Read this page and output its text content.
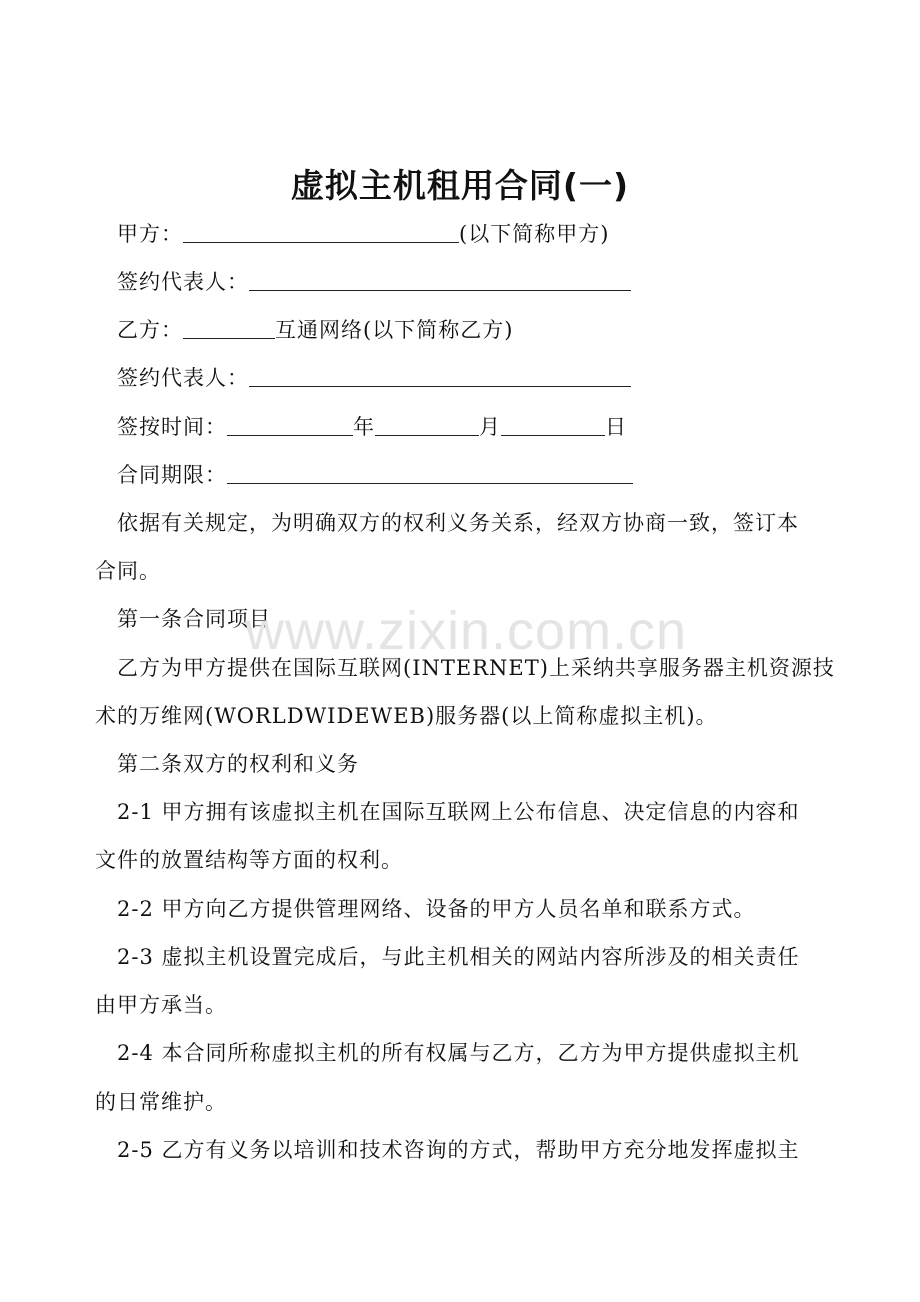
虚拟主机租用合同(一)
甲方：	(以下简称甲方)
签约代表人：
乙方：	互通网络(以下简称乙方)
签约代表人：
签按时间：	年	月	日
合同期限：
依据有关规定，为明确双方的权利义务关系，经双方协商一致，签订本
合同。
第一条合同项目
乙方为甲方提供在国际互联网(INTERNET)上采纳共享服务器主机资源技
术的万维网(WORLDWIDEWEB)服务器(以上简称虚拟主机)。
第二条双方的权利和义务
2-1 甲方拥有该虚拟主机在国际互联网上公布信息、决定信息的内容和
文件的放置结构等方面的权利。
2-2 甲方向乙方提供管理网络、设备的甲方人员名单和联系方式。
2-3 虚拟主机设置完成后，与此主机相关的网站内容所涉及的相关责任
由甲方承当。
2-4 本合同所称虚拟主机的所有权属与乙方，乙方为甲方提供虚拟主机
的日常维护。
2-5 乙方有义务以培训和技术咨询的方式，帮助甲方充分地发挥虚拟主
www.zixin.com.cn
